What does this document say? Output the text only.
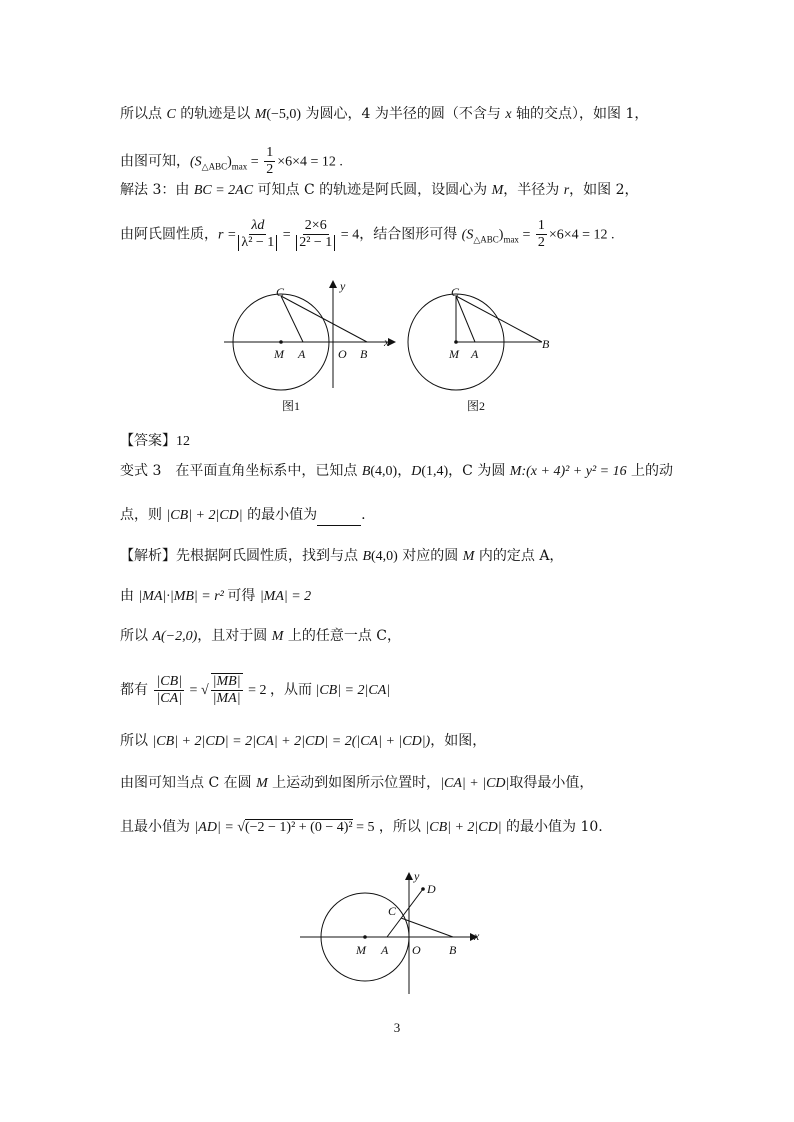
所以点 C 的轨迹是以 M(−5,0) 为圆心，4 为半径的圆（不含与 x 轴的交点），如图 1，
由图可知，$(S_{\triangle ABC})_{max} = \frac{1}{2} \times 6\times 4 = 12$ .
解法 3：由 BC = 2AC 可知点 C 的轨迹是阿氏圆，设圆心为 M，半径为 r，如图 2，
由阿氏圆性质，$r = \frac{\lambda d}{\text{λ² − 1}} = \frac{2\times 6}{\text{2² − 1}} = 4$，结合图形可得 $(S_{\triangle ABC})_{max} = \frac{1}{2} \times 6\times 4 = 12$ .
C	y
x
M A	O B
图1
C
M A
B
图2
【答案】12
变式 3　在平面直角坐标系中，已知点 B(4,0)，D(1,4)，C 为圆 M:(x + 4)² + y² = 16 上的动
点，则 |CB| + 2|CD| 的最小值为	.
【解析】先根据阿氏圆性质，找到与点 B(4,0) 对应的圆 M 内的定点 A，
由 |MA|·|MB| = r² 可得 |MA| = 2
所以 A(−2,0)，且对于圆 M 上的任意一点 C，
都有 $\frac{|CB|}{|CA|}$ = √ $\frac{|MB|}{|MA|} = 2$ ，从而 |CB| = 2|CA|
所以 |CB| + 2|CD| = 2|CA| + 2|CD| = 2(|CA| + |CD|)，如图，
由图可知当点 C 在圆 M 上运动到如图所示位置时，|CA| + |CD|取得最小值，
且最小值为 |AD| = √(−2 − 1)² + (0 − 4)² = 5 ，所以 |CB| + 2|CD| 的最小值为 10.
y
D
C
x
M A O B
3
